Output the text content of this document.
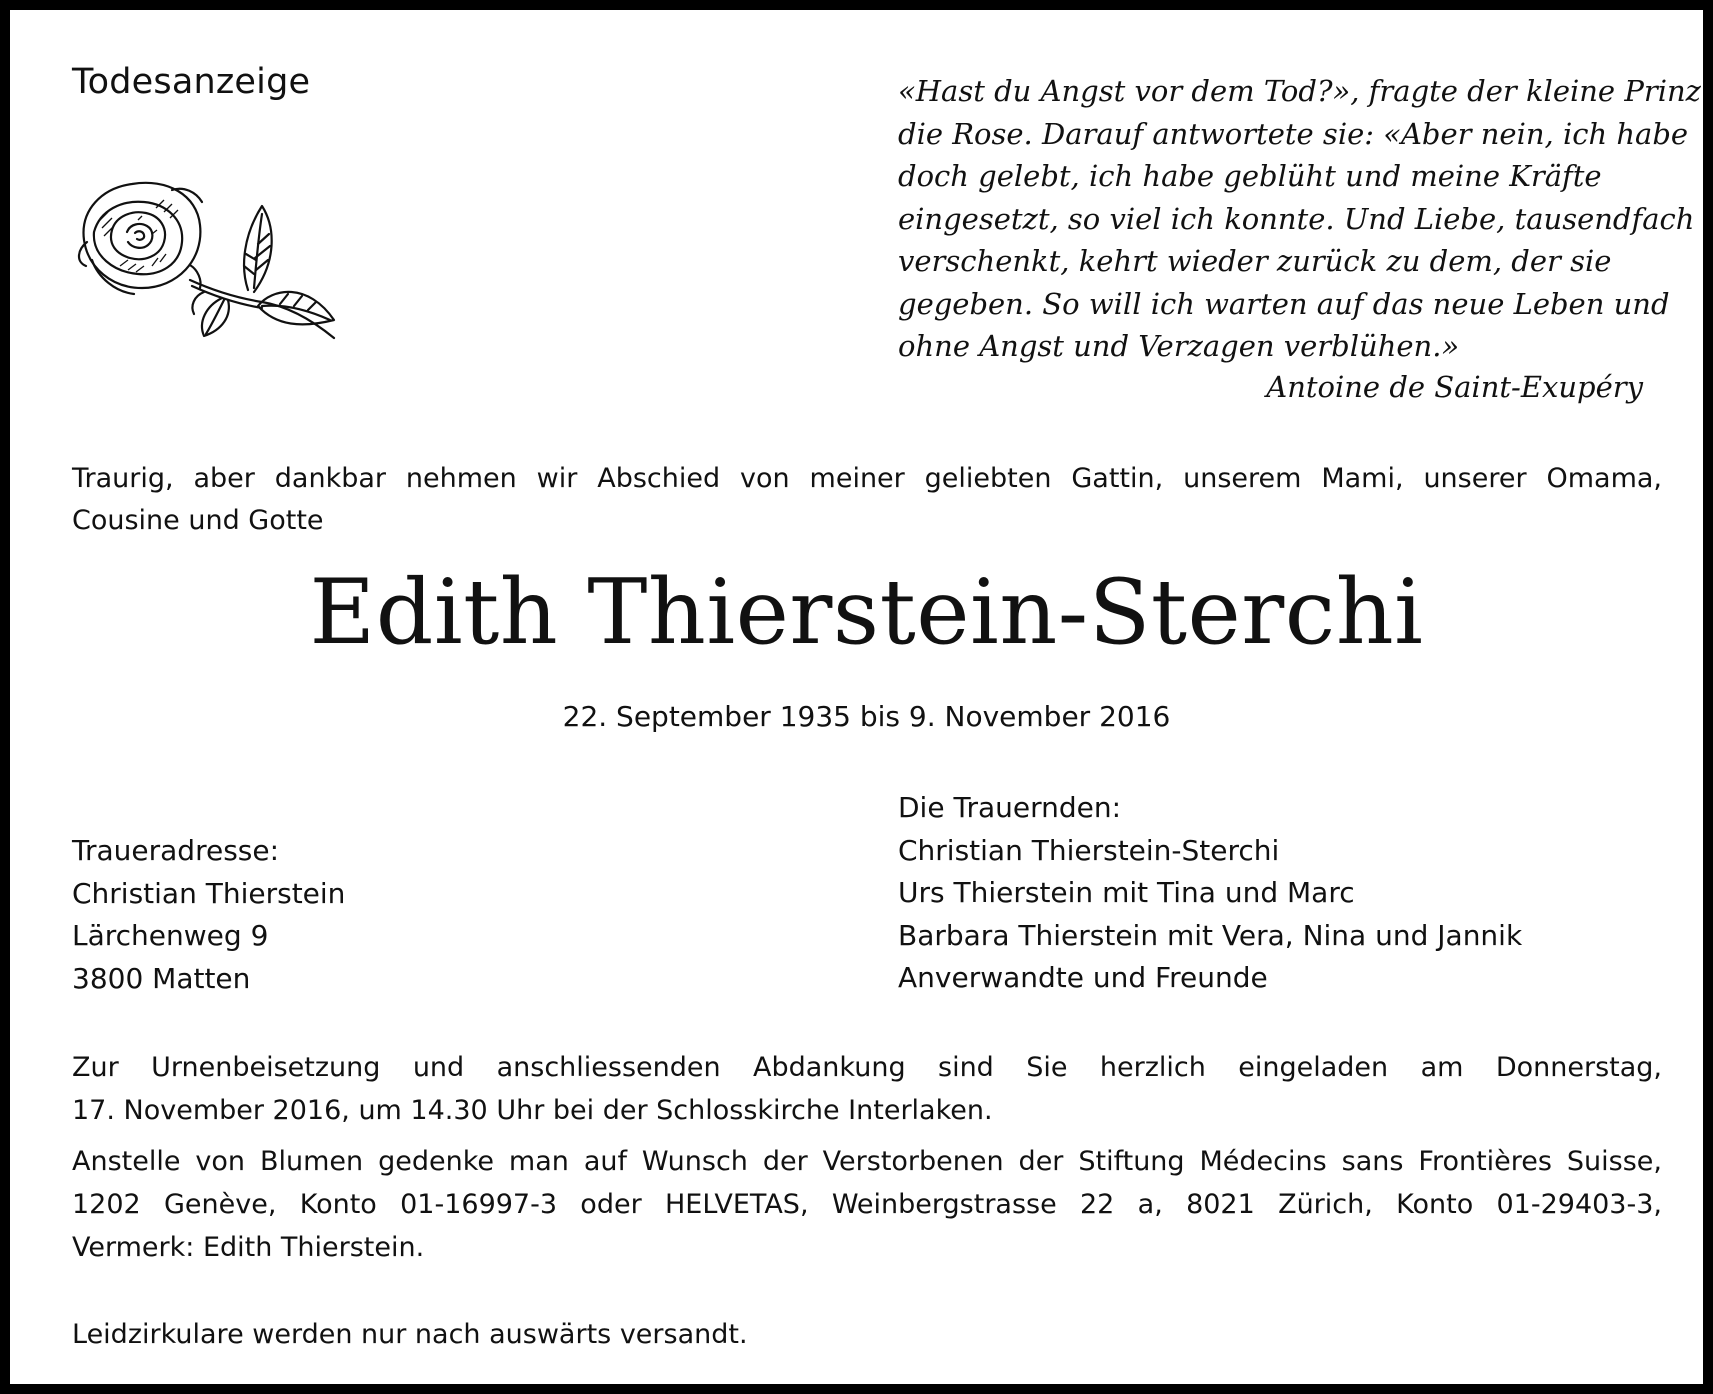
Todesanzeige	«Hast du Angst vor dem Tod?», fragte der kleine Prinz
die Rose. Darauf antwortete sie: «Aber nein, ich habe
doch gelebt, ich habe geblüht und meine Kräfte
eingesetzt, so viel ich konnte. Und Liebe, tausendfach
verschenkt, kehrt wieder zurück zu dem, der sie
gegeben. So will ich warten auf das neue Leben und
ohne Angst und Verzagen verblühen.»
Antoine de Saint-Exupéry
Traurig, aber dankbar nehmen wir Abschied von meiner geliebten Gattin, unserem Mami, unserer Omama,
Cousine und Gotte
Edith Thierstein-Sterchi
22. September 1935 bis 9. November 2016
Traueradresse:
Christian Thierstein
Lärchenweg 9
3800 Matten
Die Trauernden:
Christian Thierstein-Sterchi
Urs Thierstein mit Tina und Marc
Barbara Thierstein mit Vera, Nina und Jannik
Anverwandte und Freunde
Zur Urnenbeisetzung und anschliessenden Abdankung sind Sie herzlich eingeladen am Donnerstag,
17. November 2016, um 14.30 Uhr bei der Schlosskirche Interlaken.
Anstelle von Blumen gedenke man auf Wunsch der Verstorbenen der Stiftung Médecins sans Frontières Suisse,
1202 Genève, Konto 01-16997-3 oder HELVETAS, Weinbergstrasse 22 a, 8021 Zürich, Konto 01-29403-3,
Vermerk: Edith Thierstein.
Leidzirkulare werden nur nach auswärts versandt.
